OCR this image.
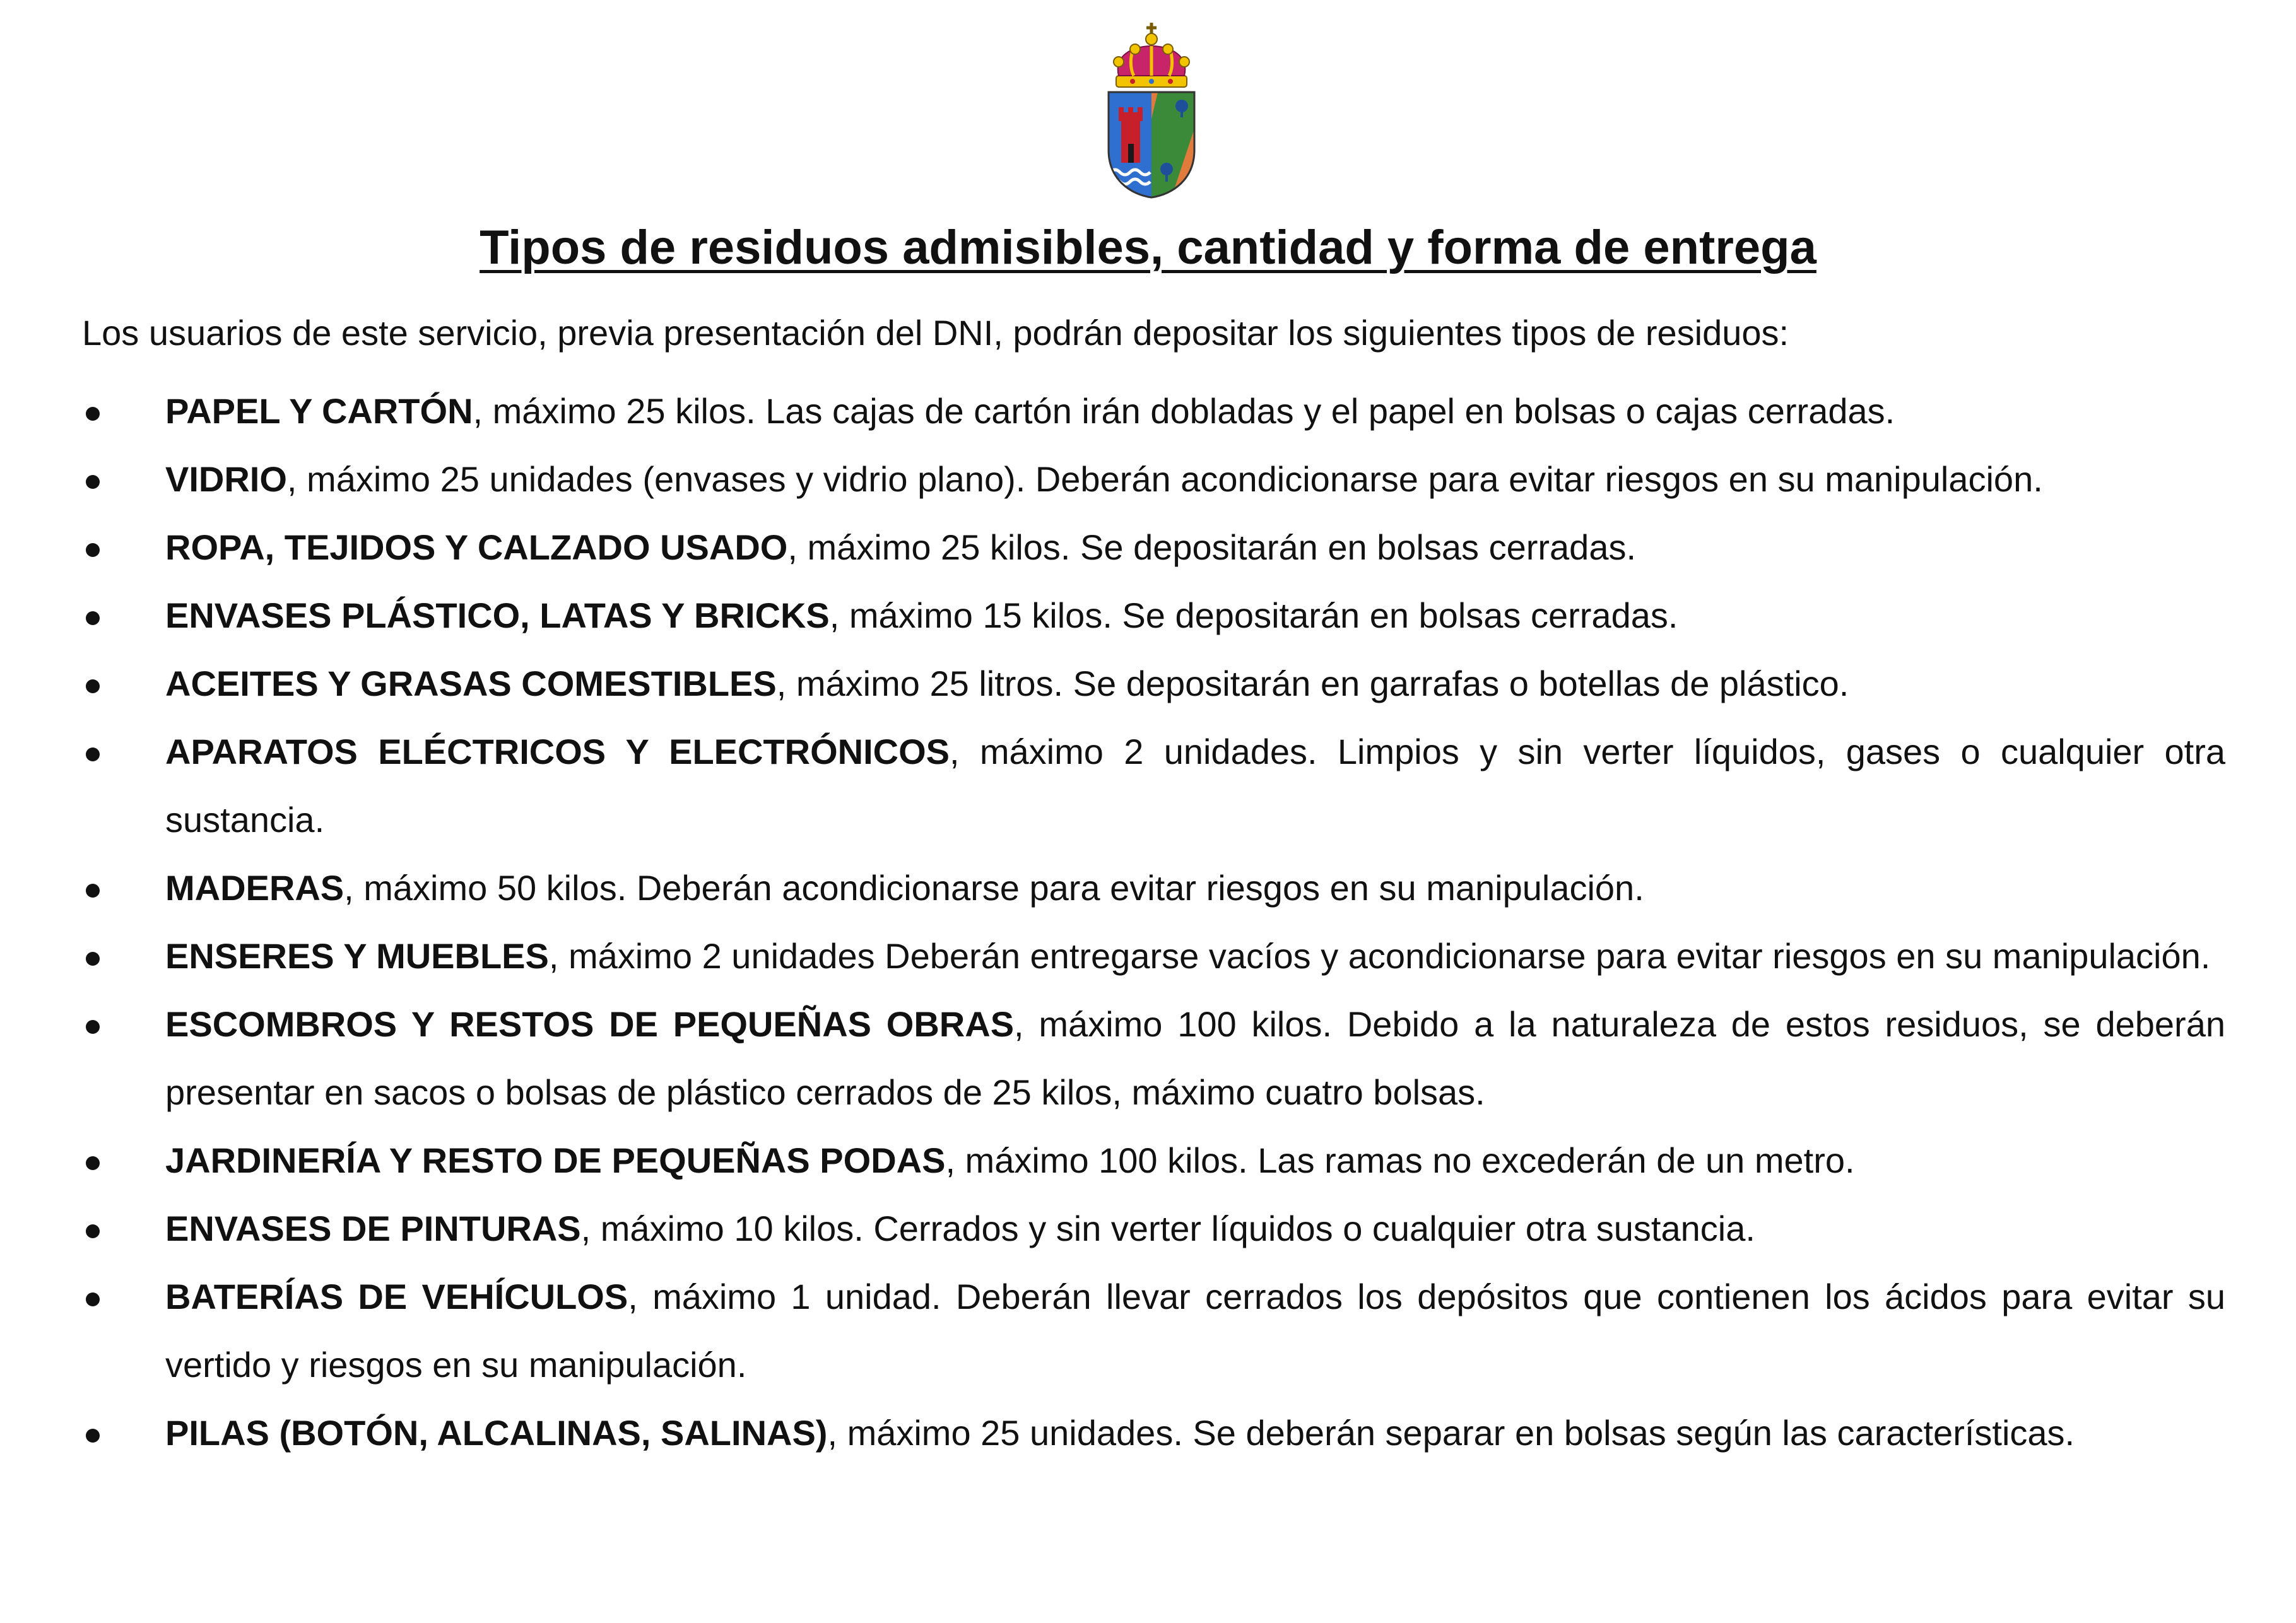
Tipos de residuos admisibles, cantidad y forma de entrega

Los usuarios de este servicio, previa presentación del DNI, podrán depositar los siguientes tipos de residuos:

PAPEL Y CARTÓN, máximo 25 kilos. Las cajas de cartón irán dobladas y el papel en bolsas o cajas cerradas.
VIDRIO, máximo 25 unidades (envases y vidrio plano). Deberán acondicionarse para evitar riesgos en su manipulación.
ROPA, TEJIDOS Y CALZADO USADO, máximo 25 kilos. Se depositarán en bolsas cerradas.
ENVASES PLÁSTICO, LATAS Y BRICKS, máximo 15 kilos. Se depositarán en bolsas cerradas.
ACEITES Y GRASAS COMESTIBLES, máximo 25 litros. Se depositarán en garrafas o botellas de plástico.
APARATOS ELÉCTRICOS Y ELECTRÓNICOS, máximo 2 unidades. Limpios y sin verter líquidos, gases o cualquier otra sustancia.
MADERAS, máximo 50 kilos. Deberán acondicionarse para evitar riesgos en su manipulación.
ENSERES Y MUEBLES, máximo 2 unidades Deberán entregarse vacíos y acondicionarse para evitar riesgos en su manipulación.
ESCOMBROS Y RESTOS DE PEQUEÑAS OBRAS, máximo 100 kilos. Debido a la naturaleza de estos residuos, se deberán presentar en sacos o bolsas de plástico cerrados de 25 kilos, máximo cuatro bolsas.
JARDINERÍA Y RESTO DE PEQUEÑAS PODAS, máximo 100 kilos. Las ramas no excederán de un metro.
ENVASES DE PINTURAS, máximo 10 kilos. Cerrados y sin verter líquidos o cualquier otra sustancia.
BATERÍAS DE VEHÍCULOS, máximo 1 unidad. Deberán llevar cerrados los depósitos que contienen los ácidos para evitar su vertido y riesgos en su manipulación.
PILAS (BOTÓN, ALCALINAS, SALINAS), máximo 25 unidades. Se deberán separar en bolsas según las características.
